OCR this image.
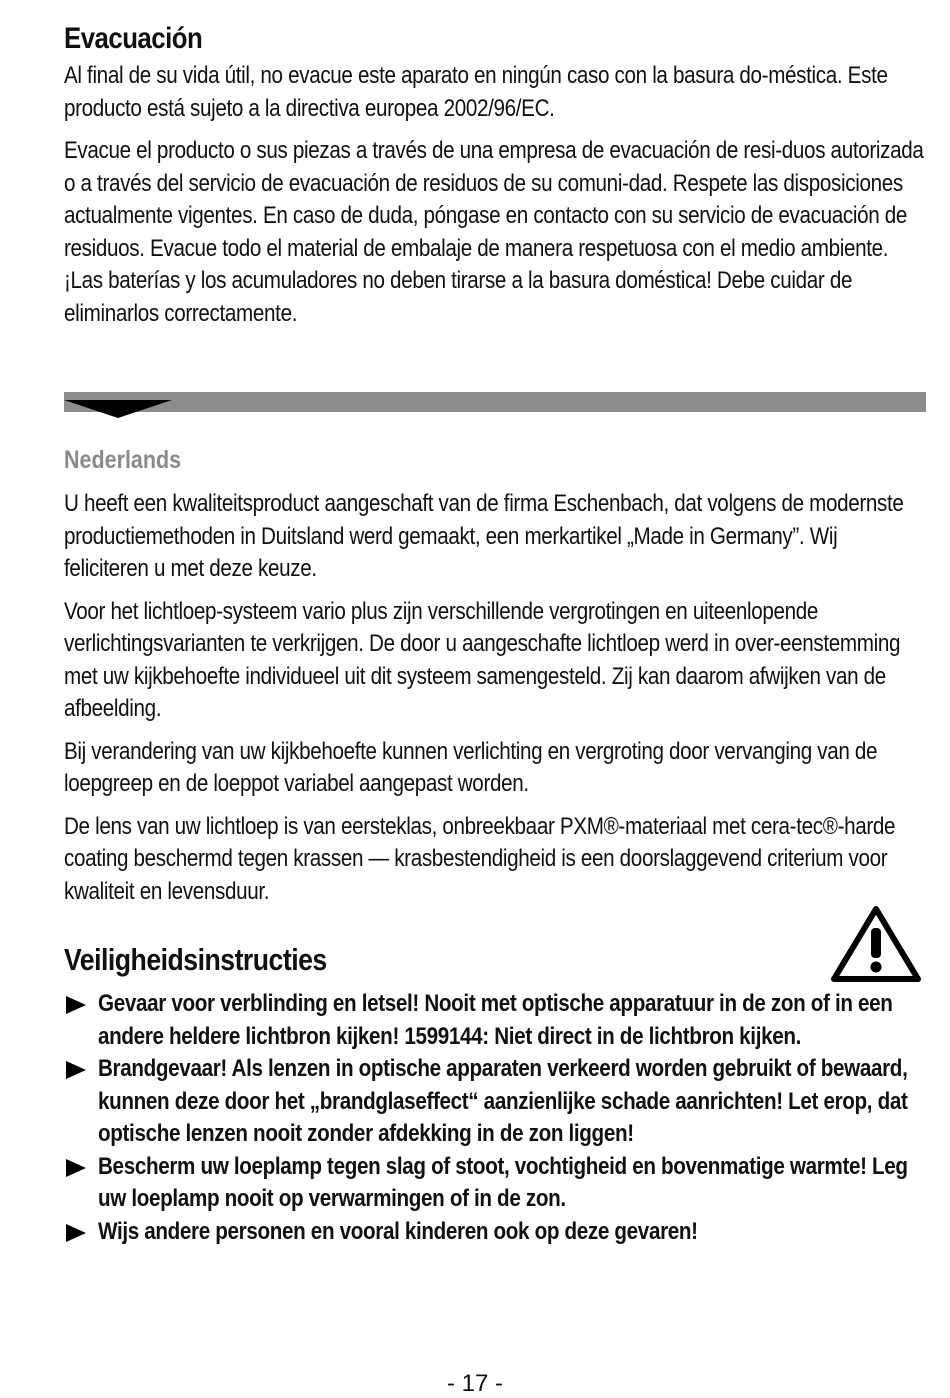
Evacuación

Al final de su vida útil, no evacue este aparato en ningún caso con la basura do-méstica. Este producto está sujeto a la directiva europea 2002/96/EC.

Evacue el producto o sus piezas a través de una empresa de evacuación de resi-duos autorizada o a través del servicio de evacuación de residuos de su comuni-dad. Respete las disposiciones actualmente vigentes. En caso de duda, póngase en contacto con su servicio de evacuación de residuos. Evacue todo el material de embalaje de manera respetuosa con el medio ambiente. ¡Las baterías y los acumuladores no deben tirarse a la basura doméstica! Debe cuidar de eliminarlos correctamente.

Nederlands

U heeft een kwaliteitsproduct aangeschaft van de firma Eschenbach, dat volgens de modernste productiemethoden in Duitsland werd gemaakt, een merkartikel „Made in Germany”. Wij feliciteren u met deze keuze.

Voor het lichtloep-systeem vario plus zijn verschillende vergrotingen en uiteenlopende verlichtingsvarianten te verkrijgen. De door u aangeschafte lichtloep werd in over-eenstemming met uw kijkbehoefte individueel uit dit systeem samengesteld. Zij kan daarom afwijken van de afbeelding.

Bij verandering van uw kijkbehoefte kunnen verlichting en vergroting door vervanging van de loepgreep en de loeppot variabel aangepast worden.

De lens van uw lichtloep is van eersteklas, onbreekbaar PXM®-materiaal met cera-tec®-harde coating beschermd tegen krassen — krasbestendigheid is een doorslaggevend criterium voor kwaliteit en levensduur.

Veiligheidsinstructies
Gevaar voor verblinding en letsel! Nooit met optische apparatuur in de zon of in een andere heldere lichtbron kijken! 1599144: Niet direct in de lichtbron kijken.
Brandgevaar! Als lenzen in optische apparaten verkeerd worden gebruikt of bewaard, kunnen deze door het „brandglaseffect“ aanzienlijke schade aanrichten! Let erop, dat optische lenzen nooit zonder afdekking in de zon liggen!
Bescherm uw loeplamp tegen slag of stoot, vochtigheid en bovenmatige warmte! Leg uw loeplamp nooit op verwarmingen of in de zon.
Wijs andere personen en vooral kinderen ook op deze gevaren!
- 17 -
